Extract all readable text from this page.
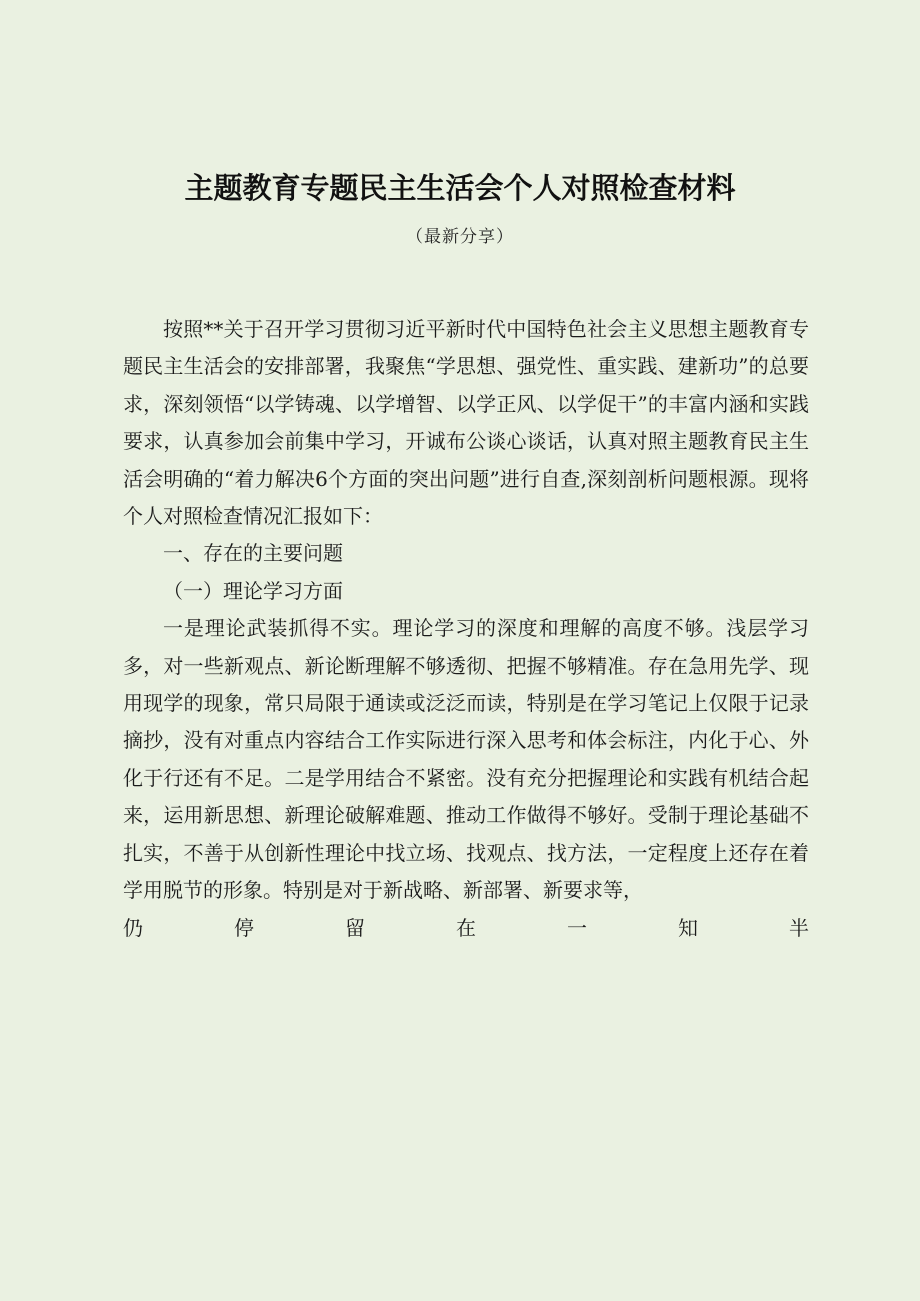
主题教育专题民主生活会个人对照检查材料
（最新分享）

按照**关于召开学习贯彻习近平新时代中国特色社会主义思想主题教育专题民主生活会的安排部署，我聚焦“学思想、强党性、重实践、建新功”的总要求，深刻领悟“以学铸魂、以学增智、以学正风、以学促干”的丰富内涵和实践要求，认真参加会前集中学习，开诚布公谈心谈话，认真对照主题教育民主生活会明确的“着力解决6个方面的突出问题”进行自查,深刻剖析问题根源。现将个人对照检查情况汇报如下：

一、存在的主要问题

（一）理论学习方面

一是理论武装抓得不实。理论学习的深度和理解的高度不够。浅层学习多，对一些新观点、新论断理解不够透彻、把握不够精准。存在急用先学、现用现学的现象，常只局限于通读或泛泛而读，特别是在学习笔记上仅限于记录摘抄，没有对重点内容结合工作实际进行深入思考和体会标注，内化于心、外化于行还有不足。二是学用结合不紧密。没有充分把握理论和实践有机结合起来，运用新思想、新理论破解难题、推动工作做得不够好。受制于理论基础不扎实，不善于从创新性理论中找立场、找观点、找方法，一定程度上还存在着学用脱节的形象。特别是对于新战略、新部署、新要求等，

仍	停	留	在	一	知	半
